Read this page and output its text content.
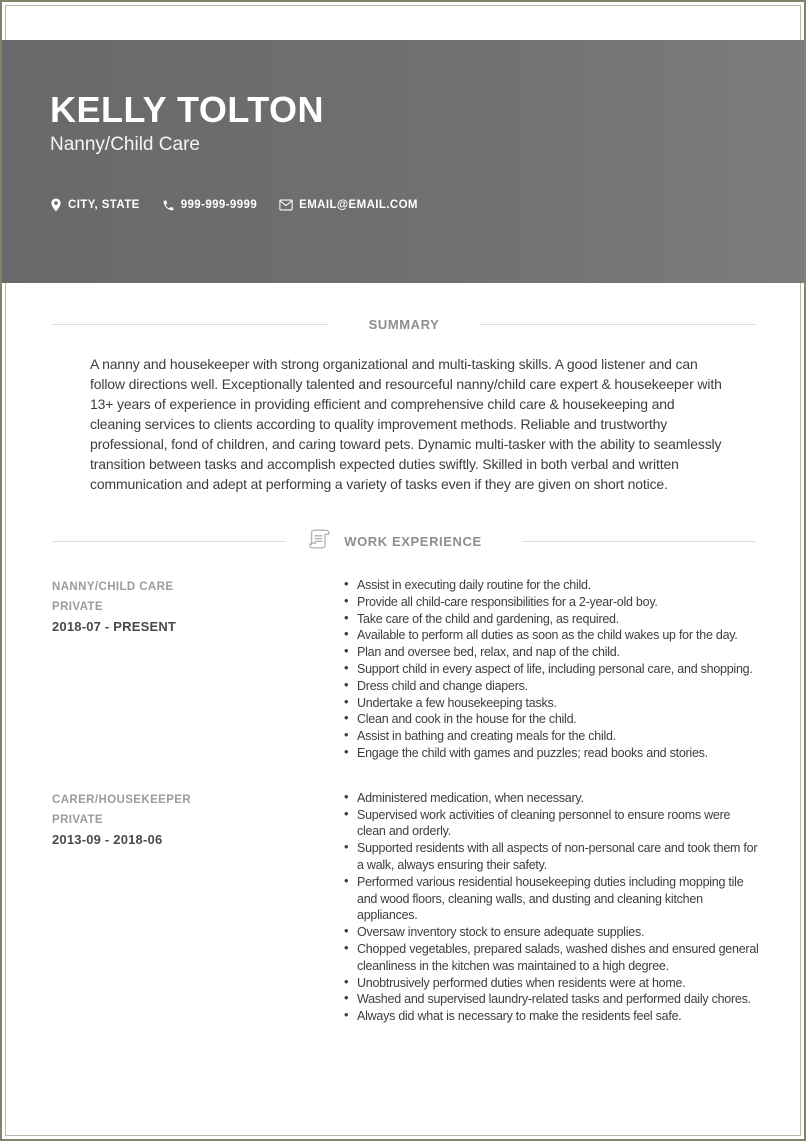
KELLY TOLTON
Nanny/Child Care
CITY, STATE	999-999-9999	EMAIL@EMAIL.COM
SUMMARY

A nanny and housekeeper with strong organizational and multi-tasking skills. A good listener and can follow directions well. Exceptionally talented and resourceful nanny/child care expert & housekeeper with 13+ years of experience in providing efficient and comprehensive child care & housekeeping and cleaning services to clients according to quality improvement methods. Reliable and trustworthy professional, fond of children, and caring toward pets. Dynamic multi-tasker with the ability to seamlessly transition between tasks and accomplish expected duties swiftly. Skilled in both verbal and written communication and adept at performing a variety of tasks even if they are given on short notice.

WORK EXPERIENCE
NANNY/CHILD CARE
PRIVATE
2018-07 - PRESENT
• Assist in executing daily routine for the child.
• Provide all child-care responsibilities for a 2-year-old boy.
• Take care of the child and gardening, as required.
• Available to perform all duties as soon as the child wakes up for the day.
• Plan and oversee bed, relax, and nap of the child.
• Support child in every aspect of life, including personal care, and shopping.
• Dress child and change diapers.
• Undertake a few housekeeping tasks.
• Clean and cook in the house for the child.
• Assist in bathing and creating meals for the child.
• Engage the child with games and puzzles; read books and stories.
CARER/HOUSEKEEPER
PRIVATE
2013-09 - 2018-06
• Administered medication, when necessary.
• Supervised work activities of cleaning personnel to ensure rooms were clean and orderly.
• Supported residents with all aspects of non-personal care and took them for a walk, always ensuring their safety.
• Performed various residential housekeeping duties including mopping tile and wood floors, cleaning walls, and dusting and cleaning kitchen appliances.
• Oversaw inventory stock to ensure adequate supplies.
• Chopped vegetables, prepared salads, washed dishes and ensured general cleanliness in the kitchen was maintained to a high degree.
• Unobtrusively performed duties when residents were at home.
• Washed and supervised laundry-related tasks and performed daily chores.
• Always did what is necessary to make the residents feel safe.
